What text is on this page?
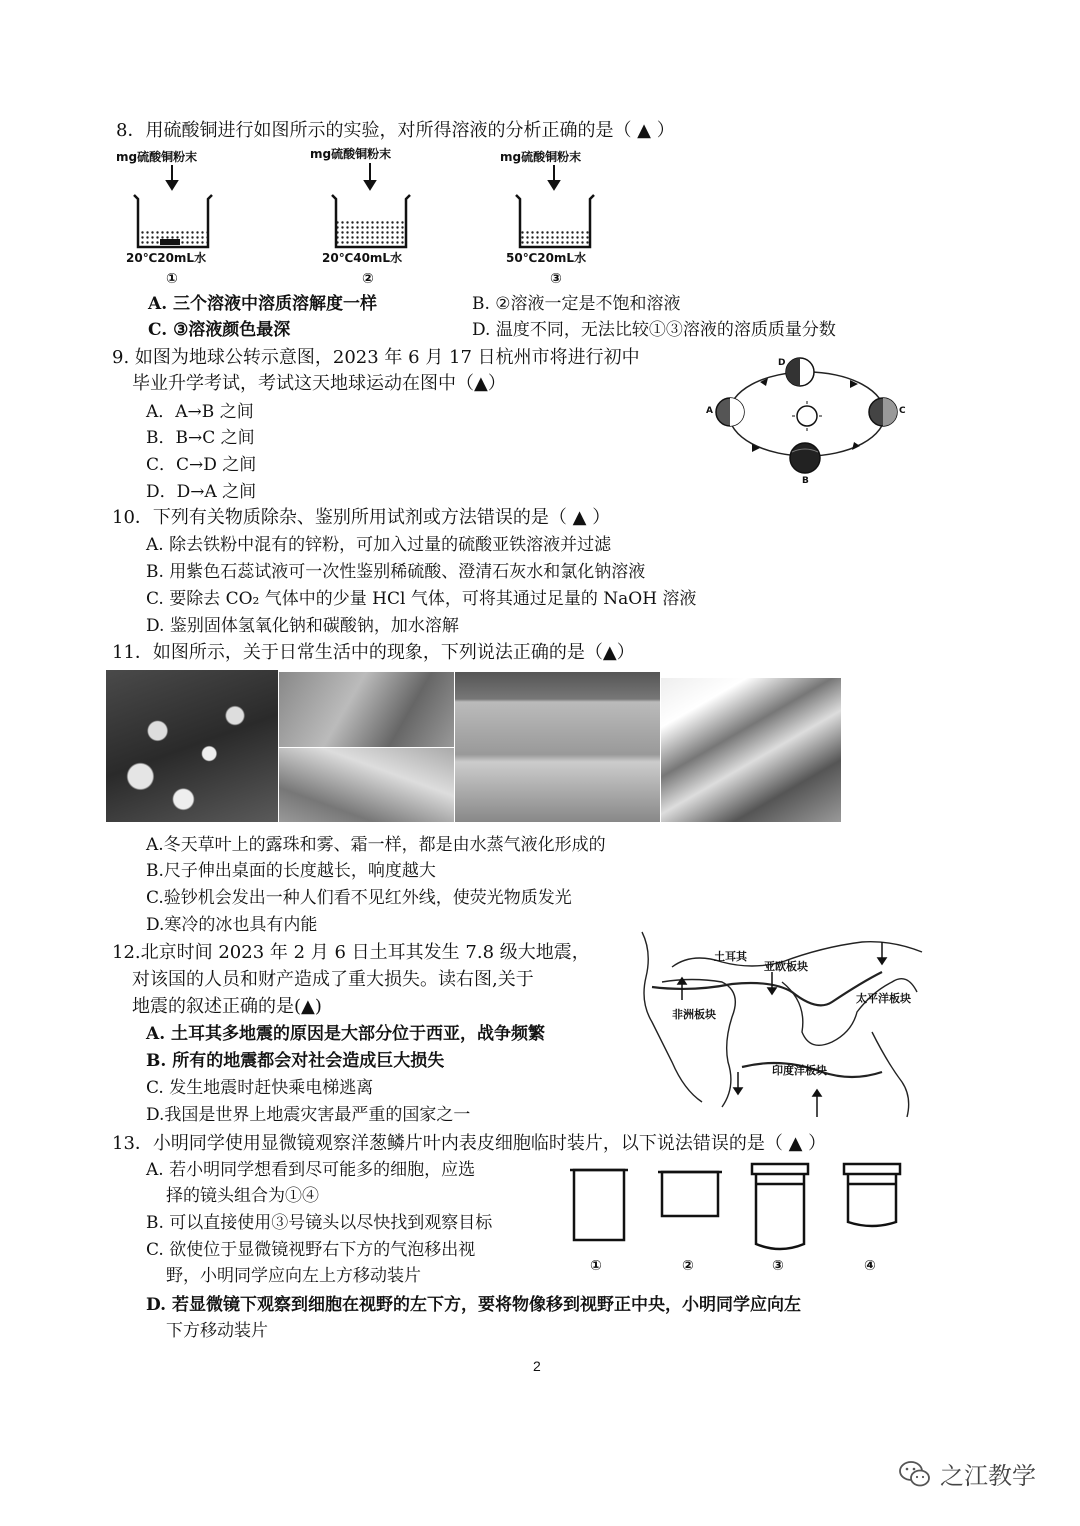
8．用硫酸铜进行如图所示的实验，对所得溶液的分析正确的是（ ▲ ）
mg硫酸铜粉末
20℃20mL水
①
mg硫酸铜粉末
20℃40mL水
②
mg硫酸铜粉末
50℃20mL水
③
A. 三个溶液中溶质溶解度一样	B. ②溶液一定是不饱和溶液
C. ③溶液颜色最深	D. 温度不同，无法比较①③溶液的溶质质量分数
9. 如图为地球公转示意图，2023 年 6 月 17 日杭州市将进行初中
毕业升学考试，考试这天地球运动在图中（▲）
A．A→B 之间
B．B→C 之间
C．C→D 之间
D．D→A 之间
D
A	C
B
10．下列有关物质除杂、鉴别所用试剂或方法错误的是（ ▲ ）
A. 除去铁粉中混有的锌粉，可加入过量的硫酸亚铁溶液并过滤
B. 用紫色石蕊试液可一次性鉴别稀硫酸、澄清石灰水和氯化钠溶液
C. 要除去 CO₂ 气体中的少量 HCl 气体，可将其通过足量的 NaOH 溶液
D. 鉴别固体氢氧化钠和碳酸钠，加水溶解
11．如图所示，关于日常生活中的现象，下列说法正确的是（▲）
A.冬天草叶上的露珠和雾、霜一样，都是由水蒸气液化形成的
B.尺子伸出桌面的长度越长，响度越大
C.验钞机会发出一种人们看不见红外线，使荧光物质发光
D.寒冷的冰也具有内能
12.北京时间 2023 年 2 月 6 日土耳其发生 7.8 级大地震，
对该国的人员和财产造成了重大损失。读右图,关于
地震的叙述正确的是(▲)
A. 土耳其多地震的原因是大部分位于西亚，战争频繁
B. 所有的地震都会对社会造成巨大损失
C. 发生地震时赶快乘电梯逃离
D.我国是世界上地震灾害最严重的国家之一
土耳其
亚欧板块
太平洋板块
非洲板块
印度洋板块
13．小明同学使用显微镜观察洋葱鳞片叶内表皮细胞临时装片，以下说法错误的是（ ▲ ）
A. 若小明同学想看到尽可能多的细胞，应选
择的镜头组合为①④
B. 可以直接使用③号镜头以尽快找到观察目标
C. 欲使位于显微镜视野右下方的气泡移出视
野，小明同学应向左上方移动装片
D. 若显微镜下观察到细胞在视野的左下方，要将物像移到视野正中央，小明同学应向左
下方移动装片
①	②	③	④
2
之江教学
